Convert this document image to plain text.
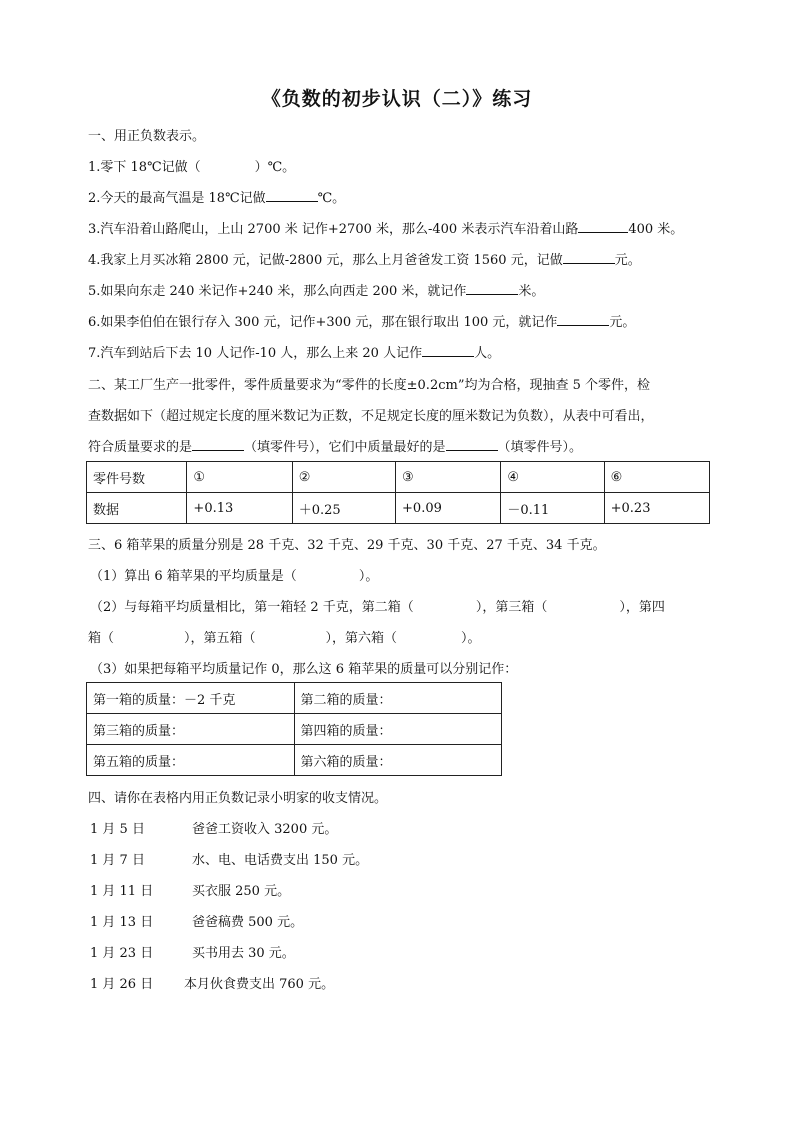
《负数的初步认识（二）》练习
一、用正负数表示。
1.零下 18℃记做（	）℃。
2.今天的最高气温是 18℃记做	℃。
3.汽车沿着山路爬山，上山 2700 米 记作+2700 米，那么-400 米表示汽车沿着山路	400 米。
4.我家上月买冰箱 2800 元，记做-2800 元，那么上月爸爸发工资 1560 元，记做	元。
5.如果向东走 240 米记作+240 米，那么向西走 200 米，就记作	米。
6.如果李伯伯在银行存入 300 元，记作+300 元，那在银行取出 100 元，就记作	元。
7.汽车到站后下去 10 人记作-10 人，那么上来 20 人记作	人。
二、某工厂生产一批零件，零件质量要求为“零件的长度±0.2cm”均为合格，现抽查 5 个零件，检
查数据如下（超过规定长度的厘米数记为正数，不足规定长度的厘米数记为负数），从表中可看出，
符合质量要求的是	（填零件号），它们中质量最好的是	（填零件号）。
零件号数	①	②	③	④	⑥
数据	+0.13	＋0.25	+0.09	－0.11	+0.23
三、6 箱苹果的质量分别是 28 千克、32 千克、29 千克、30 千克、27 千克、34 千克。
（1）算出 6 箱苹果的平均质量是（	）。
（2）与每箱平均质量相比，第一箱轻 2 千克，第二箱（	），第三箱（	），第四
箱（	），第五箱（	），第六箱（	）。
（3）如果把每箱平均质量记作 0，那么这 6 箱苹果的质量可以分别记作：
第一箱的质量：－2 千克	第二箱的质量：
第三箱的质量：	第四箱的质量：
第五箱的质量：	第六箱的质量：
四、请你在表格内用正负数记录小明家的收支情况。
1 月 5 日	爸爸工资收入 3200 元。
1 月 7 日	水、电、电话费支出 150 元。
1 月 11 日	买衣服 250 元。
1 月 13 日	爸爸稿费 500 元。
1 月 23 日	买书用去 30 元。
1 月 26 日 本月伙食费支出 760 元。
